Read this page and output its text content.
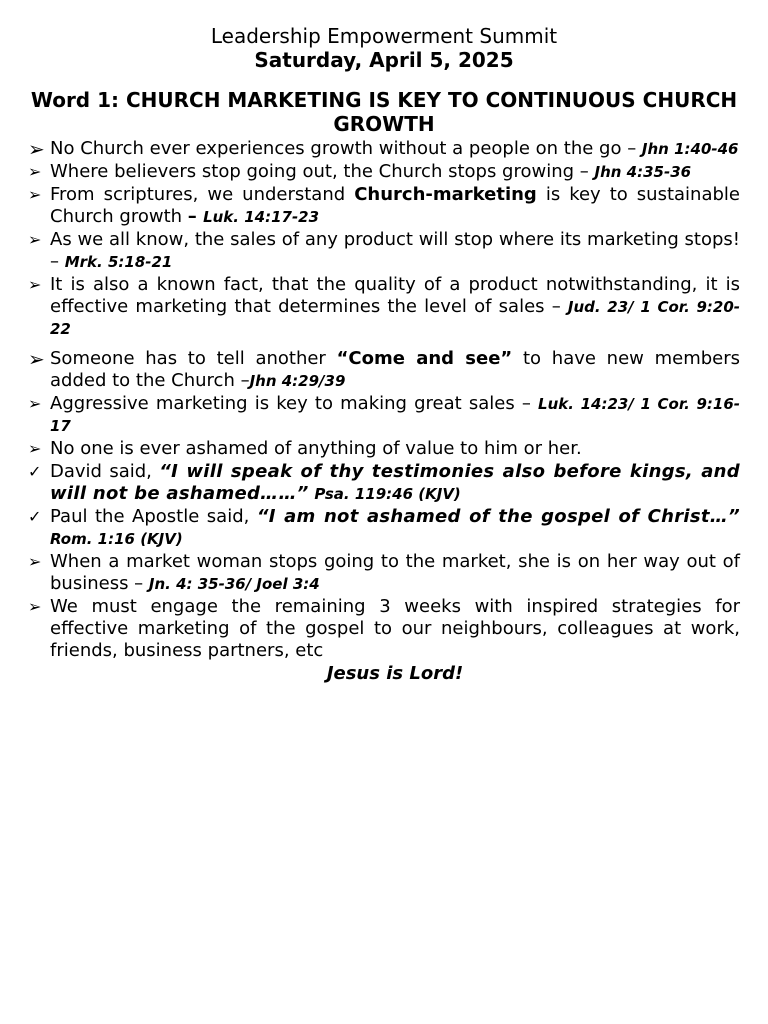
Leadership Empowerment Summit

Saturday, April 5, 2025

Word 1: CHURCH MARKETING IS KEY TO CONTINUOUS CHURCH GROWTH

➢ No Church ever experiences growth without a people on the go – Jhn 1:40-46
➢ Where believers stop going out, the Church stops growing – Jhn 4:35-36
➢ From scriptures, we understand Church-marketing is key to sustainable Church growth – Luk. 14:17-23
➢ As we all know, the sales of any product will stop where its marketing stops! – Mrk. 5:18-21
➢ It is also a known fact, that the quality of a product notwithstanding, it is effective marketing that determines the level of sales – Jud. 23/ 1 Cor. 9:20-22
➢ Someone has to tell another “Come and see” to have new members added to the Church –Jhn 4:29/39
➢ Aggressive marketing is key to making great sales – Luk. 14:23/ 1 Cor. 9:16-17
➢ No one is ever ashamed of anything of value to him or her.
✓ David said, “I will speak of thy testimonies also before kings, and will not be ashamed……” Psa. 119:46 (KJV)
✓ Paul the Apostle said, “I am not ashamed of the gospel of Christ…” Rom. 1:16 (KJV)
➢ When a market woman stops going to the market, she is on her way out of business – Jn. 4: 35-36/ Joel 3:4
➢ We must engage the remaining 3 weeks with inspired strategies for effective marketing of the gospel to our neighbours, colleagues at work, friends, business partners, etc

Jesus is Lord!
